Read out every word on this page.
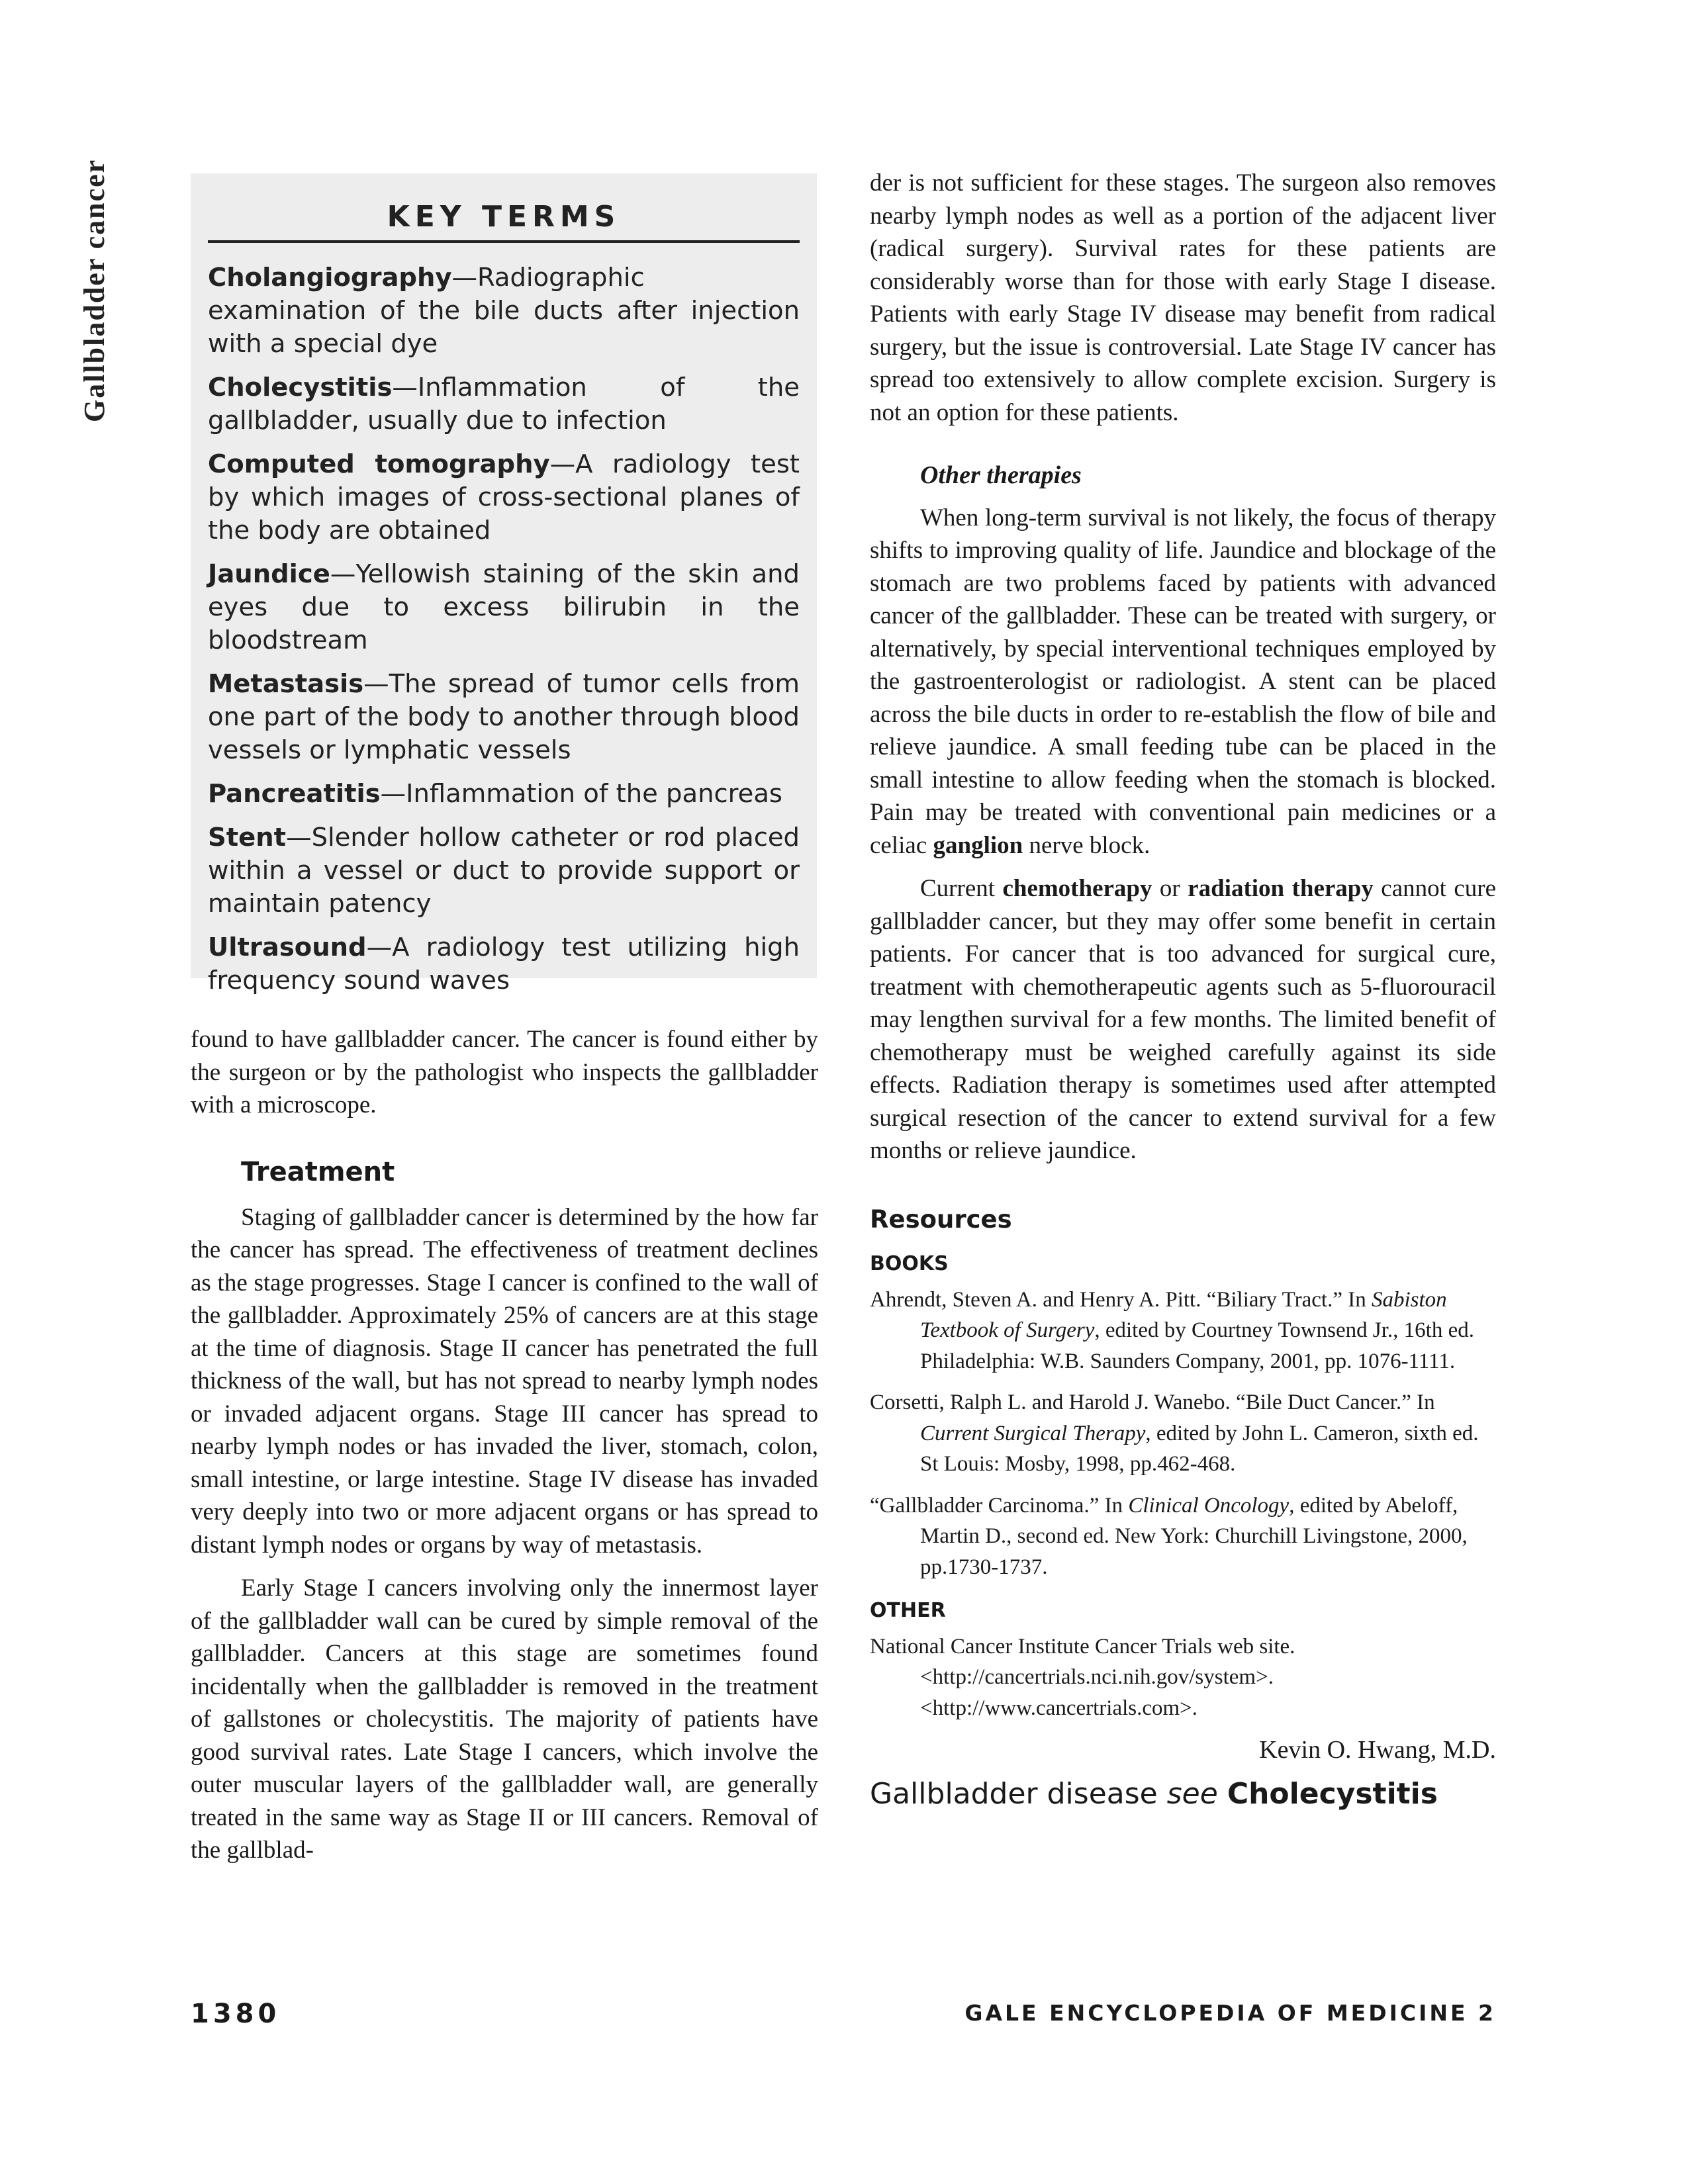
Gallbladder cancer	KEY TERMS

Cholangiography—Radiographic examination of the bile ducts after injection with a special dye

Cholecystitis—Inflammation of the gallbladder, usually due to infection

Computed tomography—A radiology test by which images of cross-sectional planes of the body are obtained

Jaundice—Yellowish staining of the skin and eyes due to excess bilirubin in the bloodstream

Metastasis—The spread of tumor cells from one part of the body to another through blood vessels or lymphatic vessels

Pancreatitis—Inflammation of the pancreas

Stent—Slender hollow catheter or rod placed within a vessel or duct to provide support or maintain patency

Ultrasound—A radiology test utilizing high frequency sound waves

found to have gallbladder cancer. The cancer is found either by the surgeon or by the pathologist who inspects the gallbladder with a microscope.

Treatment

Staging of gallbladder cancer is determined by the how far the cancer has spread. The effectiveness of treatment declines as the stage progresses. Stage I cancer is confined to the wall of the gallbladder. Approximately 25% of cancers are at this stage at the time of diagnosis. Stage II cancer has penetrated the full thickness of the wall, but has not spread to nearby lymph nodes or invaded adjacent organs. Stage III cancer has spread to nearby lymph nodes or has invaded the liver, stomach, colon, small intestine, or large intestine. Stage IV disease has invaded very deeply into two or more adjacent organs or has spread to distant lymph nodes or organs by way of metastasis.

Early Stage I cancers involving only the innermost layer of the gallbladder wall can be cured by simple removal of the gallbladder. Cancers at this stage are sometimes found incidentally when the gallbladder is removed in the treatment of gallstones or cholecystitis. The majority of patients have good survival rates. Late Stage I cancers, which involve the outer muscular layers of the gallbladder wall, are generally treated in the same way as Stage II or III cancers. Removal of the gallblad-

der is not sufficient for these stages. The surgeon also removes nearby lymph nodes as well as a portion of the adjacent liver (radical surgery). Survival rates for these patients are considerably worse than for those with early Stage I disease. Patients with early Stage IV disease may benefit from radical surgery, but the issue is controversial. Late Stage IV cancer has spread too extensively to allow complete excision. Surgery is not an option for these patients.

Other therapies

When long-term survival is not likely, the focus of therapy shifts to improving quality of life. Jaundice and blockage of the stomach are two problems faced by patients with advanced cancer of the gallbladder. These can be treated with surgery, or alternatively, by special interventional techniques employed by the gastroenterologist or radiologist. A stent can be placed across the bile ducts in order to re-establish the flow of bile and relieve jaundice. A small feeding tube can be placed in the small intestine to allow feeding when the stomach is blocked. Pain may be treated with conventional pain medicines or a celiac ganglion nerve block.

Current chemotherapy or radiation therapy cannot cure gallbladder cancer, but they may offer some benefit in certain patients. For cancer that is too advanced for surgical cure, treatment with chemotherapeutic agents such as 5-fluorouracil may lengthen survival for a few months. The limited benefit of chemotherapy must be weighed carefully against its side effects. Radiation therapy is sometimes used after attempted surgical resection of the cancer to extend survival for a few months or relieve jaundice.

Resources
BOOKS

Ahrendt, Steven A. and Henry A. Pitt. “Biliary Tract.” In Sabiston Textbook of Surgery, edited by Courtney Townsend Jr., 16th ed. Philadelphia: W.B. Saunders Company, 2001, pp. 1076-1111.

Corsetti, Ralph L. and Harold J. Wanebo. “Bile Duct Cancer.” In Current Surgical Therapy, edited by John L. Cameron, sixth ed. St Louis: Mosby, 1998, pp.462-468.

“Gallbladder Carcinoma.” In Clinical Oncology, edited by Abeloff, Martin D., second ed. New York: Churchill Livingstone, 2000, pp.1730-1737.

OTHER

National Cancer Institute Cancer Trials web site. <http://cancertrials.nci.nih.gov/system>. <http://www.cancertrials.com>.

Kevin O. Hwang, M.D.

Gallbladder disease see Cholecystitis

1380	GALE ENCYCLOPEDIA OF MEDICINE 2
